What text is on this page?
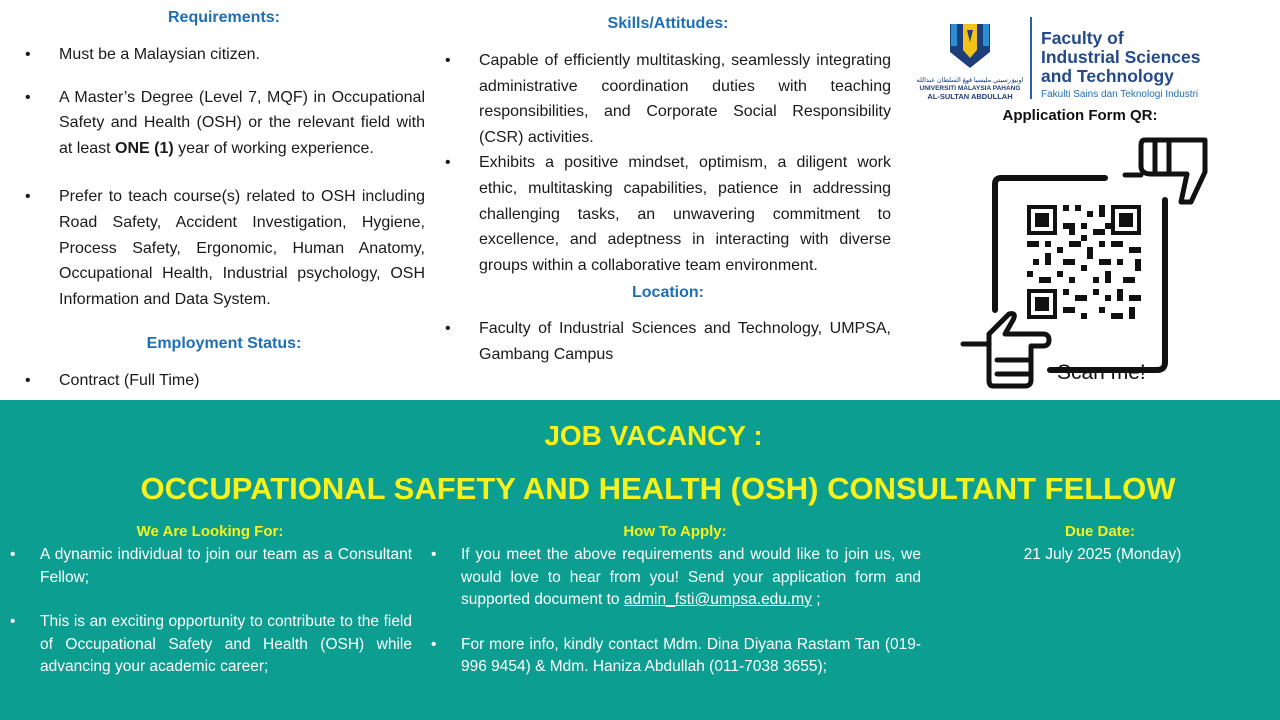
Requirements:
• Must be a Malaysian citizen.
• A Master’s Degree (Level 7, MQF) in Occupational Safety and Health (OSH) or the relevant field with at least ONE (1) year of working experience.
• Prefer to teach course(s) related to OSH including Road Safety, Accident Investigation, Hygiene, Process Safety, Ergonomic, Human Anatomy, Occupational Health, Industrial psychology, OSH Information and Data System.
Employment Status:
• Contract (Full Time)
Skills/Attitudes:
• Capable of efficiently multitasking, seamlessly integrating administrative coordination duties with teaching responsibilities, and Corporate Social Responsibility (CSR) activities.
• Exhibits a positive mindset, optimism, a diligent work ethic, multitasking capabilities, patience in addressing challenging tasks, an unwavering commitment to excellence, and adeptness in interacting with diverse groups within a collaborative team environment.
Location:
• Faculty of Industrial Sciences and Technology, UMPSA, Gambang Campus
اونيۏرسيتي مليسيا ڤهڠ السلطان عبدالله
UNIVERSITI MALAYSIA PAHANG
AL-SULTAN ABDULLAH
Faculty of
Industrial Sciences
and Technology
Fakulti Sains dan Teknologi Industri
Application Form QR:
Scan me!
JOB VACANCY :
OCCUPATIONAL SAFETY AND HEALTH (OSH) CONSULTANT FELLOW
We Are Looking For:
• A dynamic individual to join our team as a Consultant Fellow;
• This is an exciting opportunity to contribute to the field of Occupational Safety and Health (OSH) while advancing your academic career;
How To Apply:
• If you meet the above requirements and would like to join us, we would love to hear from you! Send your application form and supported document to admin_fsti@umpsa.edu.my ;
• For more info, kindly contact Mdm. Dina Diyana Rastam Tan (019-996 9454) & Mdm. Haniza Abdullah (011-7038 3655);
Due Date:
21 July 2025 (Monday)
